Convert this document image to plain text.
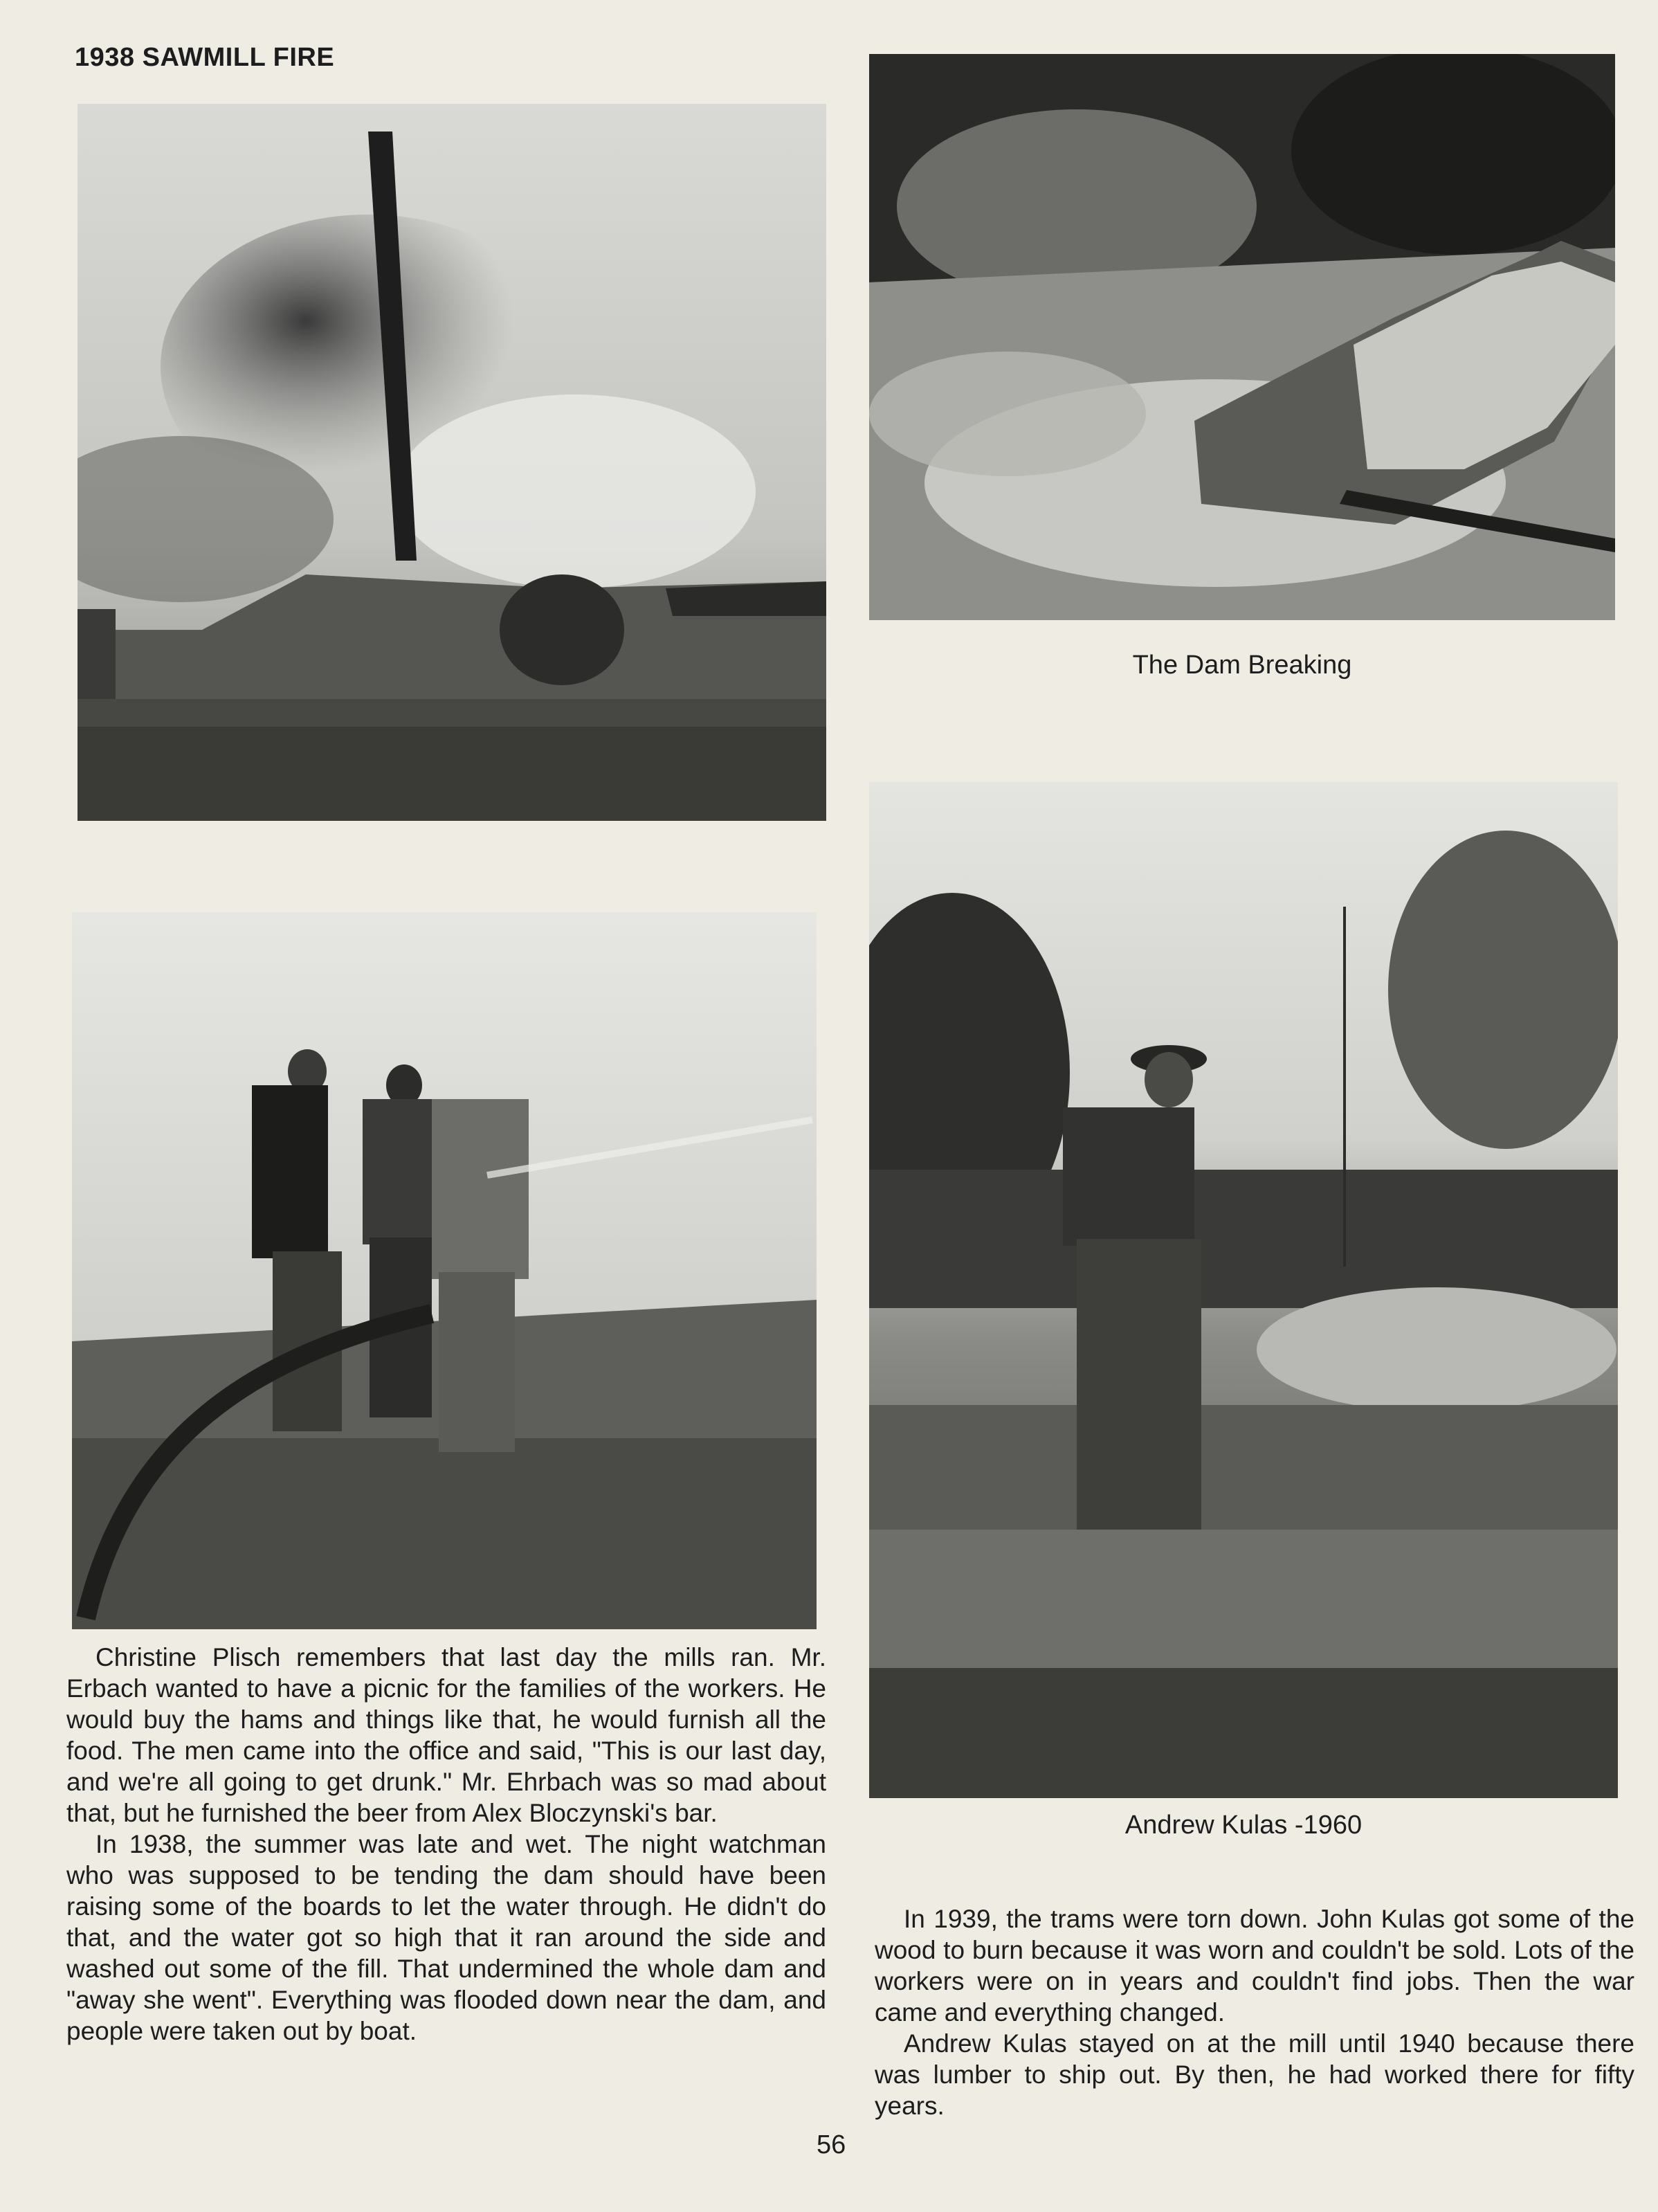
1938 SAWMILL FIRE

The Dam Breaking

Andrew Kulas -1960

Christine Plisch remembers that last day the mills ran. Mr. Erbach wanted to have a picnic for the families of the workers. He would buy the hams and things like that, he would furnish all the food. The men came into the office and said, "This is our last day, and we're all going to get drunk." Mr. Ehrbach was so mad about that, but he furnished the beer from Alex Bloczynski's bar.

In 1938, the summer was late and wet. The night watchman who was supposed to be tending the dam should have been raising some of the boards to let the water through. He didn't do that, and the water got so high that it ran around the side and washed out some of the fill. That undermined the whole dam and "away she went". Everything was flooded down near the dam, and people were taken out by boat.

In 1939, the trams were torn down. John Kulas got some of the wood to burn because it was worn and couldn't be sold. Lots of the workers were on in years and couldn't find jobs. Then the war came and everything changed.

Andrew Kulas stayed on at the mill until 1940 because there was lumber to ship out. By then, he had worked there for fifty years.

56
